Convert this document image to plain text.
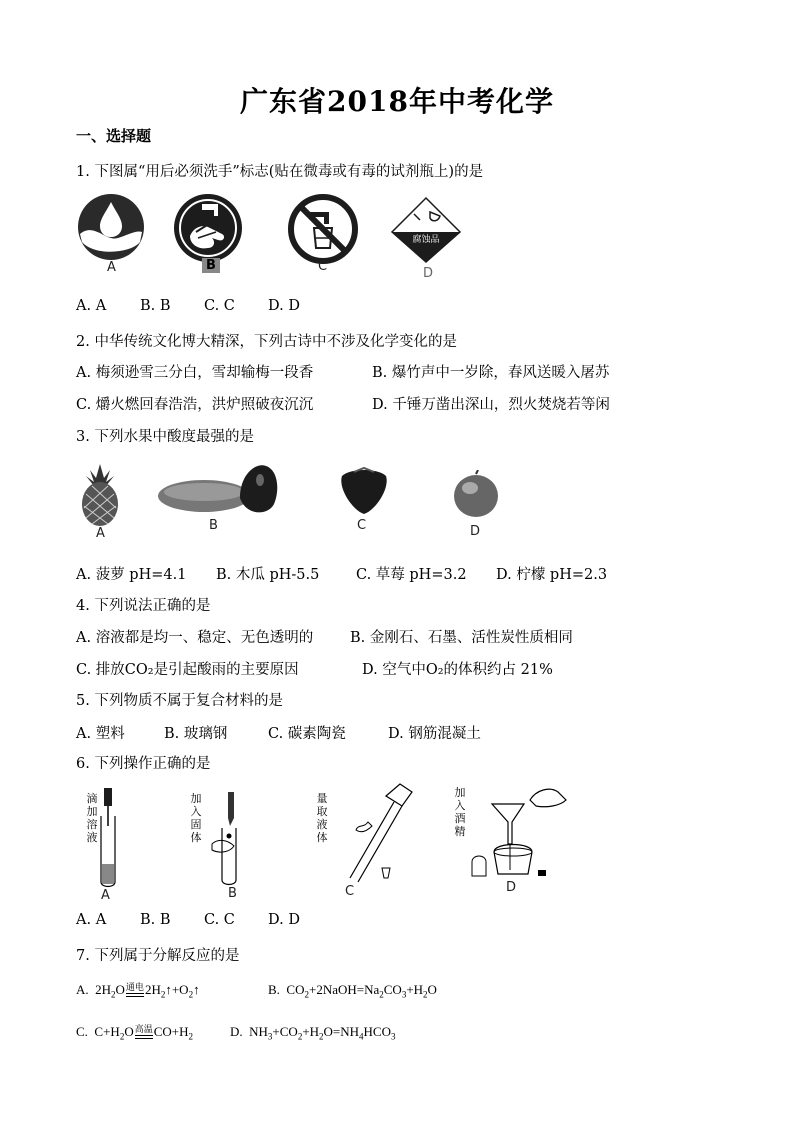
广东省2018年中考化学
一、选择题
1. 下图属“用后必须洗手”标志(贴在微毒或有毒的试剂瓶上)的是
A	B	C
腐蚀品
D
A. A B. B C. C D. D
2. 中华传统文化博大精深，下列古诗中不涉及化学变化的是
A. 梅须逊雪三分白，雪却输梅一段香	B. 爆竹声中一岁除，春风送暖入屠苏
C. 爝火燃回春浩浩，洪炉照破夜沉沉	D. 千锤万凿出深山，烈火焚烧若等闲
3. 下列水果中酸度最强的是
A
B	C	D
A. 菠萝 pH=4.1 B. 木瓜 pH-5.5	C. 草莓 pH=3.2 D. 柠檬 pH=2.3
4. 下列说法正确的是
A. 溶液都是均一、稳定、无色透明的	B. 金刚石、石墨、活性炭性质相同
C. 排放CO₂是引起酸雨的主要原因	D. 空气中O₂的体积约占 21%
5. 下列物质不属于复合材料的是
A. 塑料	B. 玻璃钢	C. 碳素陶瓷	D. 钢筋混凝土
6. 下列操作正确的是
滴
加
溶
液
A
加
入
固
体
B
量
取
液
体
C
加
入
酒
精
D
A. A B. B C. C D. D
7. 下列属于分解反应的是
A.  $2H_2O$通电
$2H_2↑+O_2↑$	B.  $CO_2+2NaOH=Na_2CO_3+H_2O$
C.  $C+H_2O$高温
$CO+H_2$	D.  $NH_3+CO_2+H_2O=NH_4HCO_3$
